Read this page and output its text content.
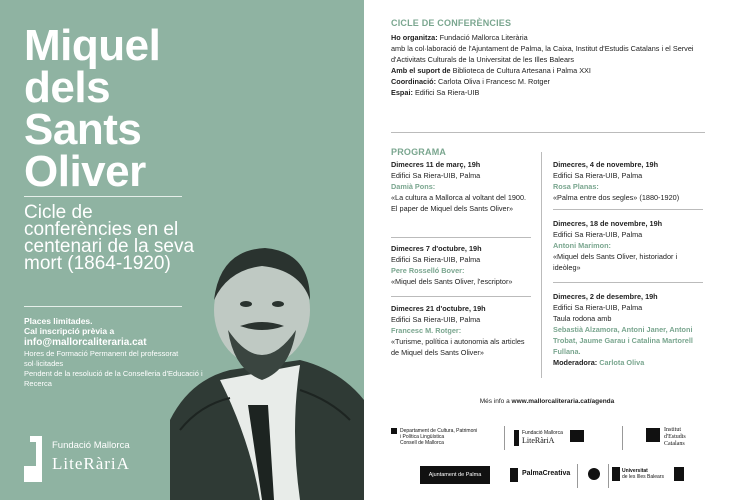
Miquel
dels
Sants
Oliver
Cicle de conferències en el centenari de la seva mort (1864-1920)
Places limitades.
Cal inscripció prèvia a
info@mallorcaliteraria.cat
Hores de Formació Permanent del professorat sol·licitades
Pendent de la resolució de la Conselleria d'Educació i Recerca
Fundació Mallorca
LiteRàriA
CICLE DE CONFERÈNCIES
Ho organitza: Fundació Mallorca Literària
amb la col·laboració de l'Ajuntament de Palma, la Caixa, Institut d'Estudis Catalans i el Servei d'Activitats Culturals de la Universitat de les Illes Balears
Amb el suport de Biblioteca de Cultura Artesana i Palma XXI
Coordinació: Carlota Oliva i Francesc M. Rotger
Espai: Edifici Sa Riera-UIB
PROGRAMA
Dimecres 11 de març, 19h
Edifici Sa Riera-UIB, Palma
Damià Pons:
«La cultura a Mallorca al voltant del 1900. El paper de Miquel dels Sants Oliver»
Dimecres 7 d'octubre, 19h
Edifici Sa Riera-UIB, Palma
Pere Rosselló Bover:
«Miquel dels Sants Oliver, l'escriptor»
Dimecres 21 d'octubre, 19h
Edifici Sa Riera-UIB, Palma
Francesc M. Rotger:
«Turisme, política i autonomia als articles de Miquel dels Sants Oliver»
Dimecres, 4 de novembre, 19h
Edifici Sa Riera-UIB, Palma
Rosa Planas:
«Palma entre dos segles» (1880-1920)
Dimecres, 18 de novembre, 19h
Edifici Sa Riera-UIB, Palma
Antoni Marimon:
«Miquel dels Sants Oliver, historiador i ideòleg»
Dimecres, 2 de desembre, 19h
Edifici Sa Riera-UIB, Palma
Taula rodona amb
Sebastià Alzamora, Antoni Janer, Antoni Trobat, Jaume Garau i Catalina Martorell Fullana.
Moderadora: Carlota Oliva
Més info a www.mallorcaliteraria.cat/agenda
Departament de Cultura, Patrimoni
i Política Lingüística
Consell de Mallorca
Fundació Mallorca
LiteRàriA
Institut
d'Estudis
Catalans
Ajuntament de Palma	PalmaCreativa	Universitat
de les Illes Balears
